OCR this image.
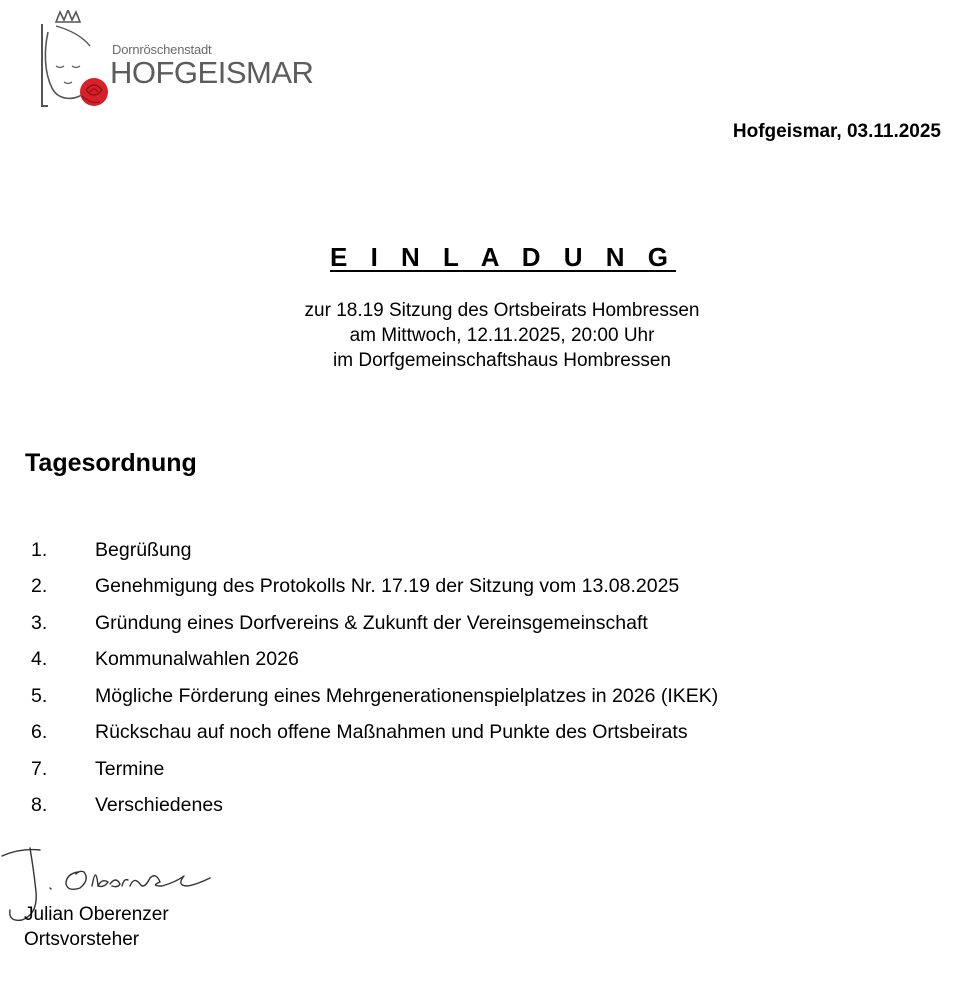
Dornröschenstadt
HOFGEISMAR
Hofgeismar, 03.11.2025
E I N L A D U N G
zur 18.19 Sitzung des Ortsbeirats Hombressen
am Mittwoch, 12.11.2025, 20:00 Uhr
im Dorfgemeinschaftshaus Hombressen
Tagesordnung
1.	Begrüßung
2.	Genehmigung des Protokolls Nr. 17.19 der Sitzung vom 13.08.2025
3.	Gründung eines Dorfvereins & Zukunft der Vereinsgemeinschaft
4.	Kommunalwahlen 2026
5.	Mögliche Förderung eines Mehrgenerationenspielplatzes in 2026 (IKEK)
6.	Rückschau auf noch offene Maßnahmen und Punkte des Ortsbeirats
7.	Termine
8.	Verschiedenes
Julian Oberenzer
Ortsvorsteher
